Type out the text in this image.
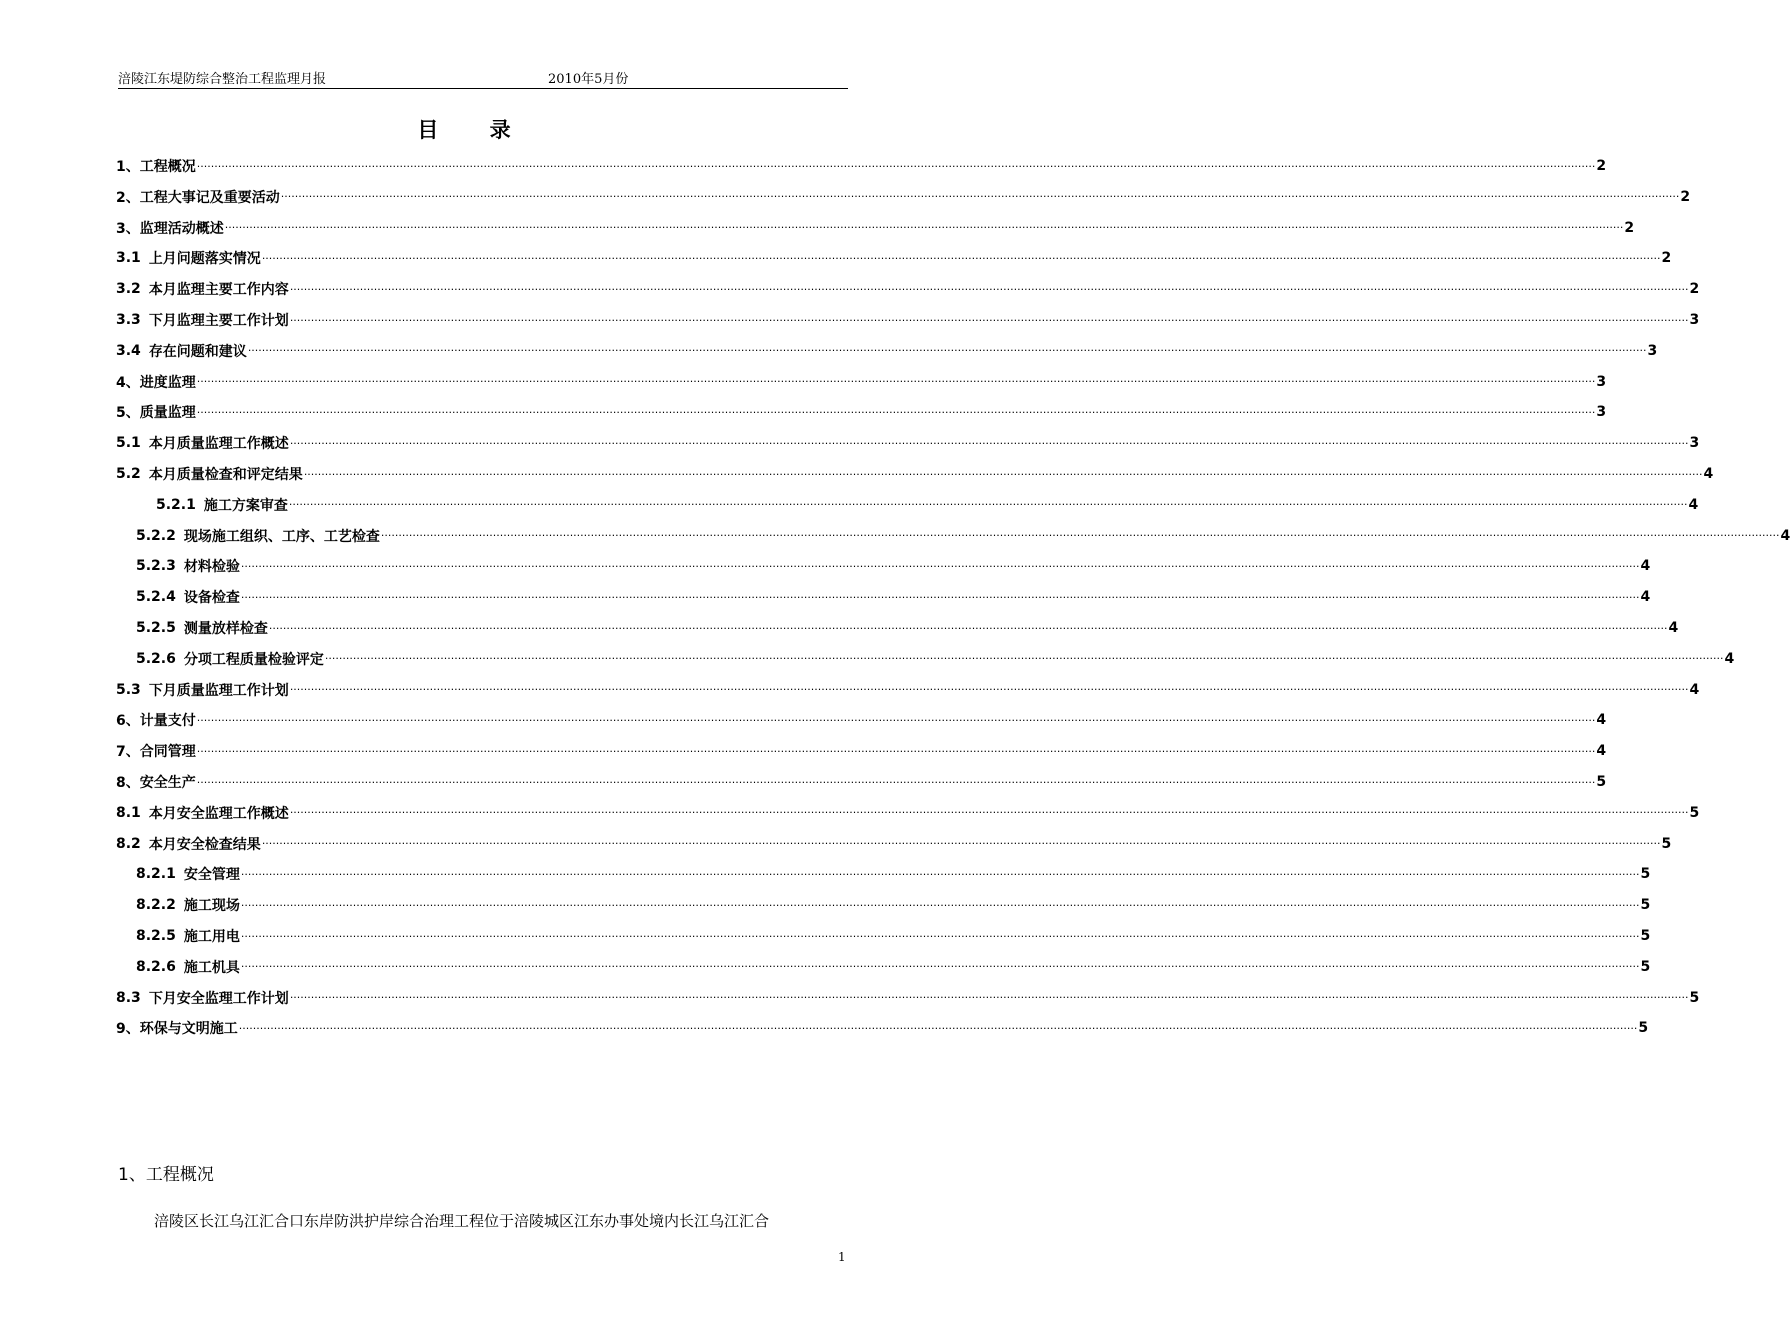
涪陵江东堤防综合整治工程监理月报	2010年5月份
目 录
1、 工程概况 ················································································································································································································································································································································································································ 2
2、 工程大事记及重要活动 ················································································································································································································································································································································································································ 2
3、 监理活动概述 ················································································································································································································································································································································································································ 2
3.1 上月问题落实情况 ················································································································································································································································································································································································································ 2
3.2 本月监理主要工作内容 ················································································································································································································································································································································································································ 2
3.3 下月监理主要工作计划 ················································································································································································································································································································································································································ 3
3.4 存在问题和建议 ················································································································································································································································································································································································································ 3
4、 进度监理 ················································································································································································································································································································································································································ 3
5、 质量监理 ················································································································································································································································································································································································································ 3
5.1 本月质量监理工作概述 ················································································································································································································································································································································································································ 3
5.2 本月质量检查和评定结果 ················································································································································································································································································································································································································ 4
5.2.1 施工方案审查 ················································································································································································································································································································································································································ 4
5.2.2 现场施工组织、工序、工艺检查 ················································································································································································································································································································································································································ 4
5.2.3 材料检验 ················································································································································································································································································································································································································ 4
5.2.4 设备检查 ················································································································································································································································································································································································································ 4
5.2.5 测量放样检查 ················································································································································································································································································································································································································ 4
5.2.6 分项工程质量检验评定 ················································································································································································································································································································································································································ 4
5.3 下月质量监理工作计划 ················································································································································································································································································································································································································ 4
6、 计量支付 ················································································································································································································································································································································································································ 4
7、 合同管理 ················································································································································································································································································································································································································ 4
8、 安全生产 ················································································································································································································································································································································································································ 5
8.1 本月安全监理工作概述 ················································································································································································································································································································································································································ 5
8.2 本月安全检查结果 ················································································································································································································································································································································································································ 5
8.2.1 安全管理 ················································································································································································································································································································································································································ 5
8.2.2 施工现场 ················································································································································································································································································································································································································ 5
8.2.5 施工用电 ················································································································································································································································································································································································································ 5
8.2.6 施工机具 ················································································································································································································································································································································································································ 5
8.3 下月安全监理工作计划 ················································································································································································································································································································································································································ 5
9、 环保与文明施工 ················································································································································································································································································································································································································ 5
1、工程概况
涪陵区长江乌江汇合口东岸防洪护岸综合治理工程位于涪陵城区江东办事处境内长江乌江汇合
1
